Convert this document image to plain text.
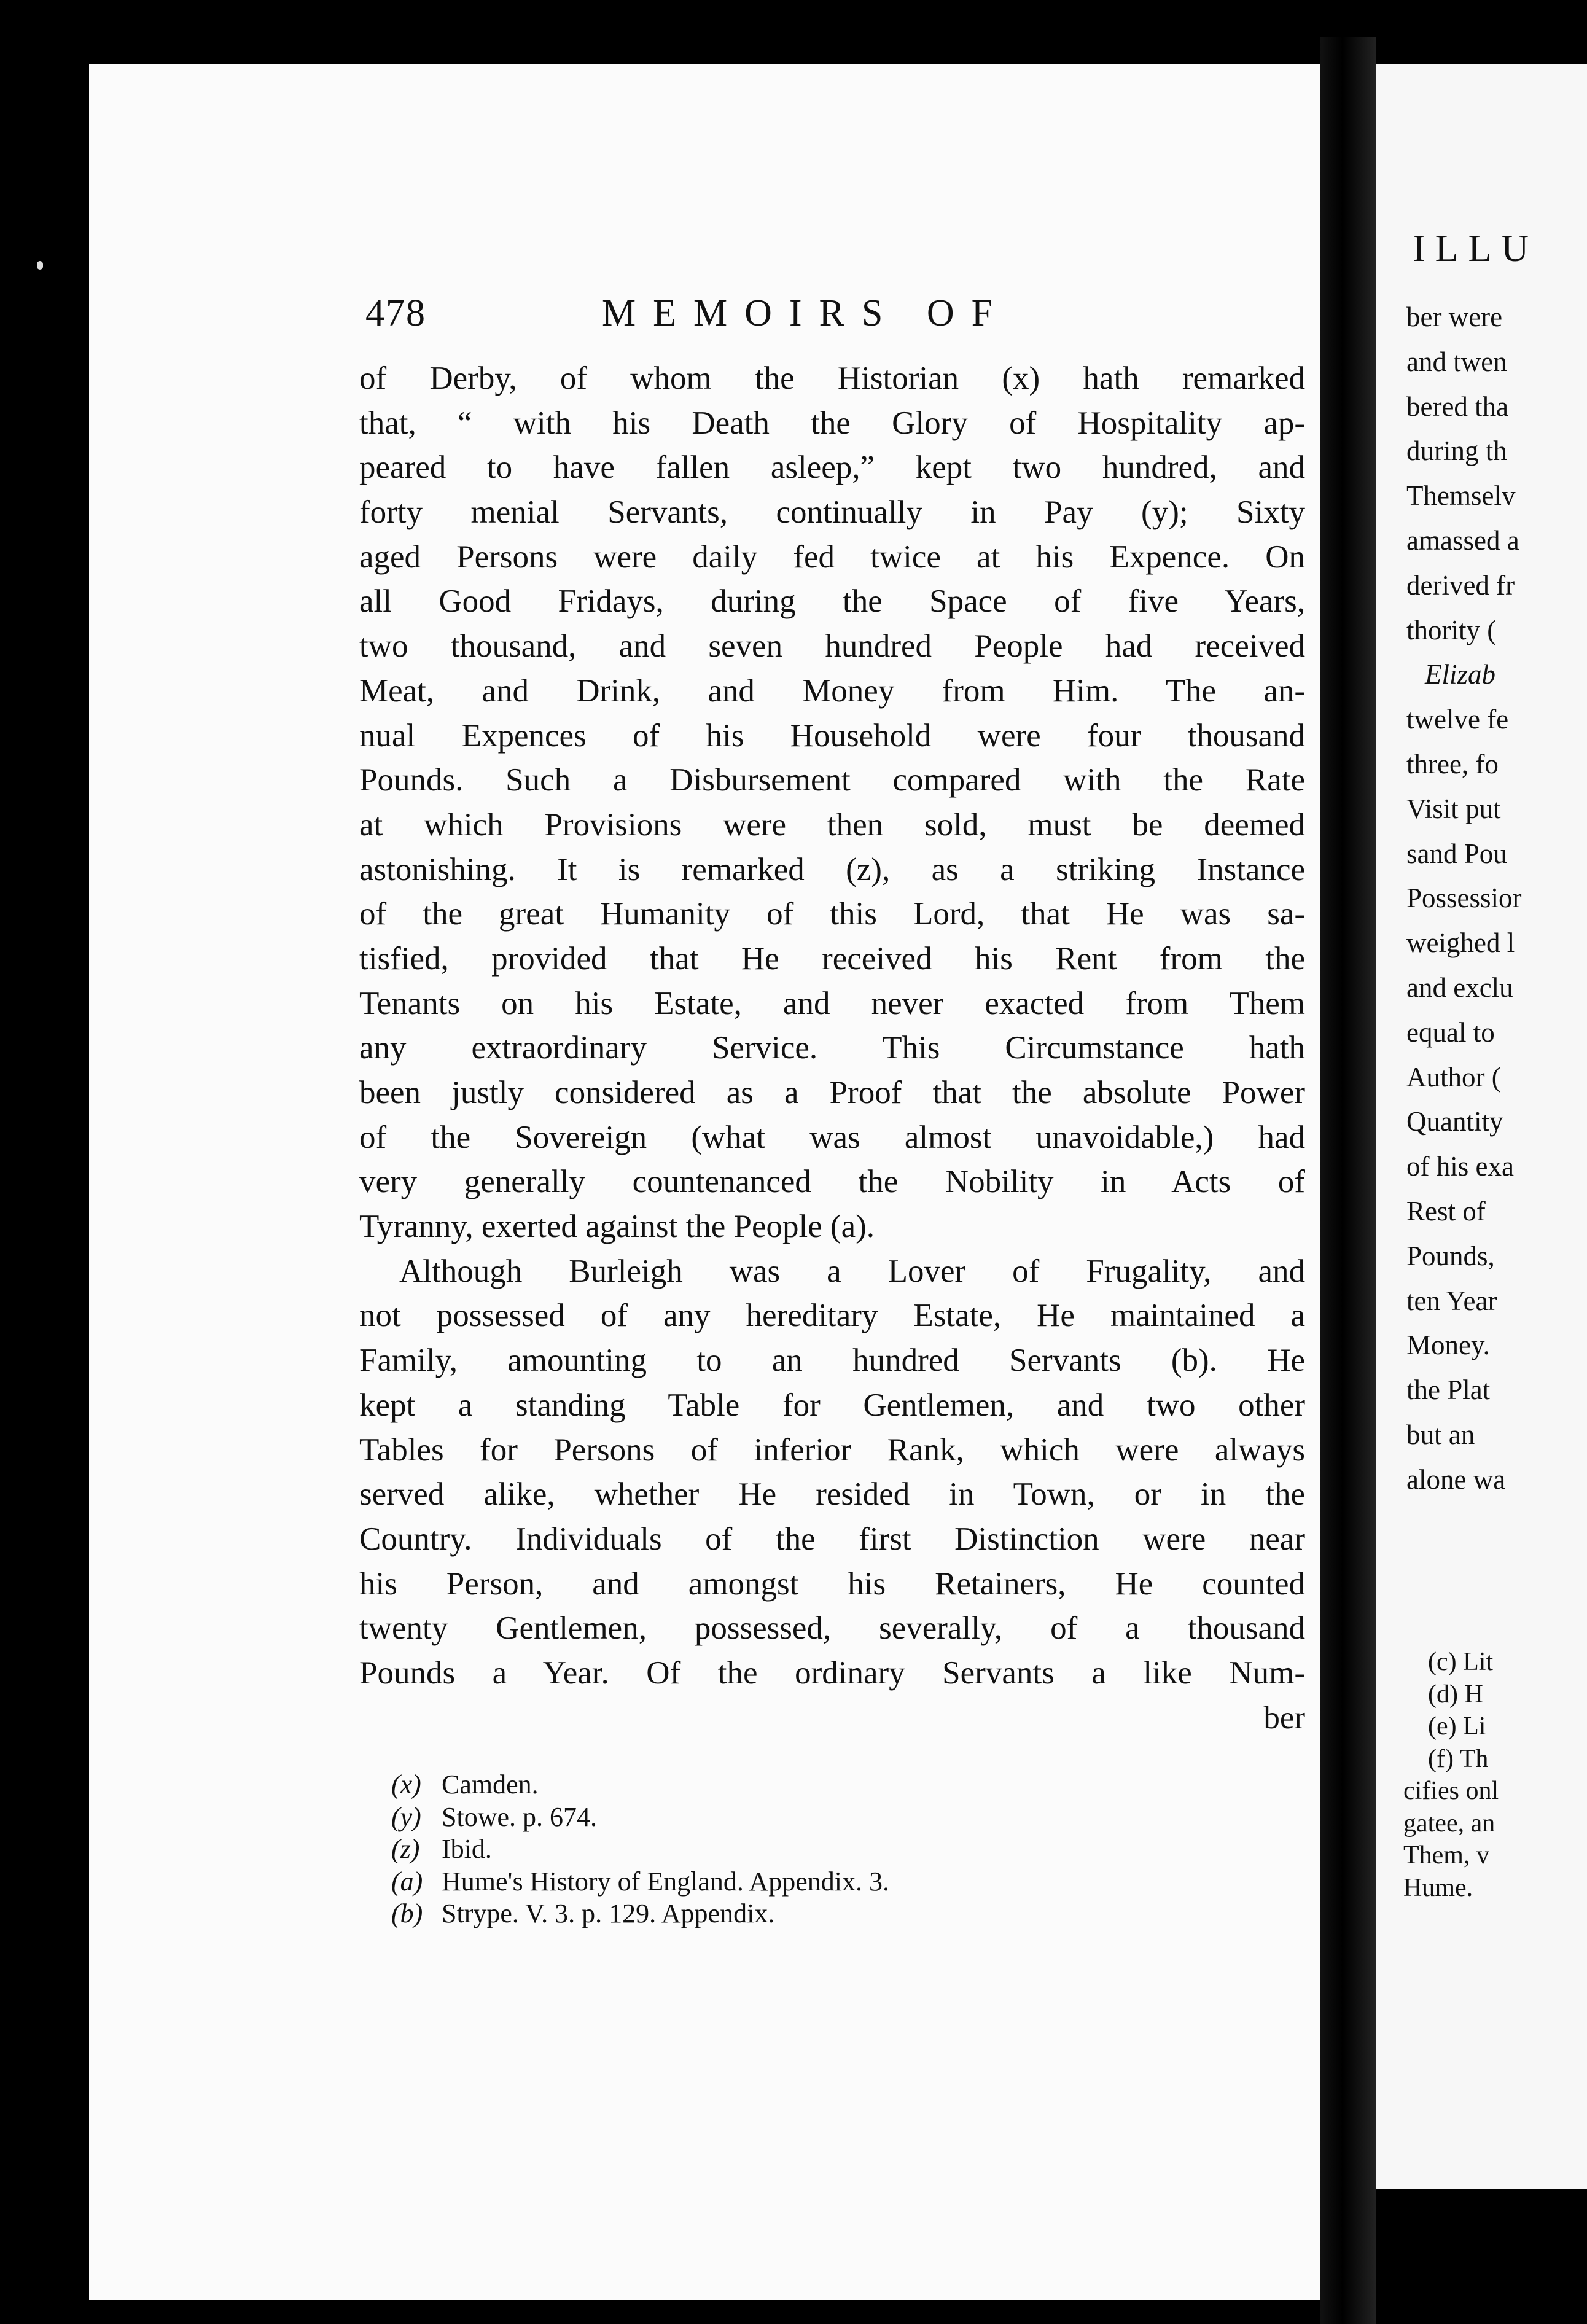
478	MEMOIRS OF
of Derby, of whom the Historian (x) hath remarked
that, “ with his Death the Glory of Hospitality ap-
peared to have fallen asleep,” kept two hundred, and
forty menial Servants, continually in Pay (y); Sixty
aged Persons were daily fed twice at his Expence. On
all Good Fridays, during the Space of five Years,
two thousand, and seven hundred People had received
Meat, and Drink, and Money from Him. The an-
nual Expences of his Household were four thousand
Pounds. Such a Disbursement compared with the Rate
at which Provisions were then sold, must be deemed
astonishing. It is remarked (z), as a striking Instance
of the great Humanity of this Lord, that He was sa-
tisfied, provided that He received his Rent from the
Tenants on his Estate, and never exacted from Them
any extraordinary Service. This Circumstance hath
been justly considered as a Proof that the absolute Power
of the Sovereign (what was almost unavoidable,) had
very generally countenanced the Nobility in Acts of
Tyranny, exerted against the People (a).
Although Burleigh was a Lover of Frugality, and
not possessed of any hereditary Estate, He maintained a
Family, amounting to an hundred Servants (b). He
kept a standing Table for Gentlemen, and two other
Tables for Persons of inferior Rank, which were always
served alike, whether He resided in Town, or in the
Country. Individuals of the first Distinction were near
his Person, and amongst his Retainers, He counted
twenty Gentlemen, possessed, severally, of a thousand
Pounds a Year. Of the ordinary Servants a like Num-
ber
(x) Camden.
(y) Stowe. p. 674.
(z) Ibid.
(a) Hume's History of England. Appendix. 3.
(b) Strype. V. 3. p. 129. Appendix.
ILLU
ber were
and twen
bered tha
during th
Themselv
amassed a
derived fr
thority (
Elizab
twelve fe
three, fo
Visit put
sand Pou
Possessior
weighed l
and exclu
equal to
Author (
Quantity
of his exa
Rest of
Pounds,
ten Year
Money.
the Plat
but an
alone wa
(c) Lit
(d) H
(e) Li
(f) Th
cifies onl
gatee, an
Them, v
Hume.
